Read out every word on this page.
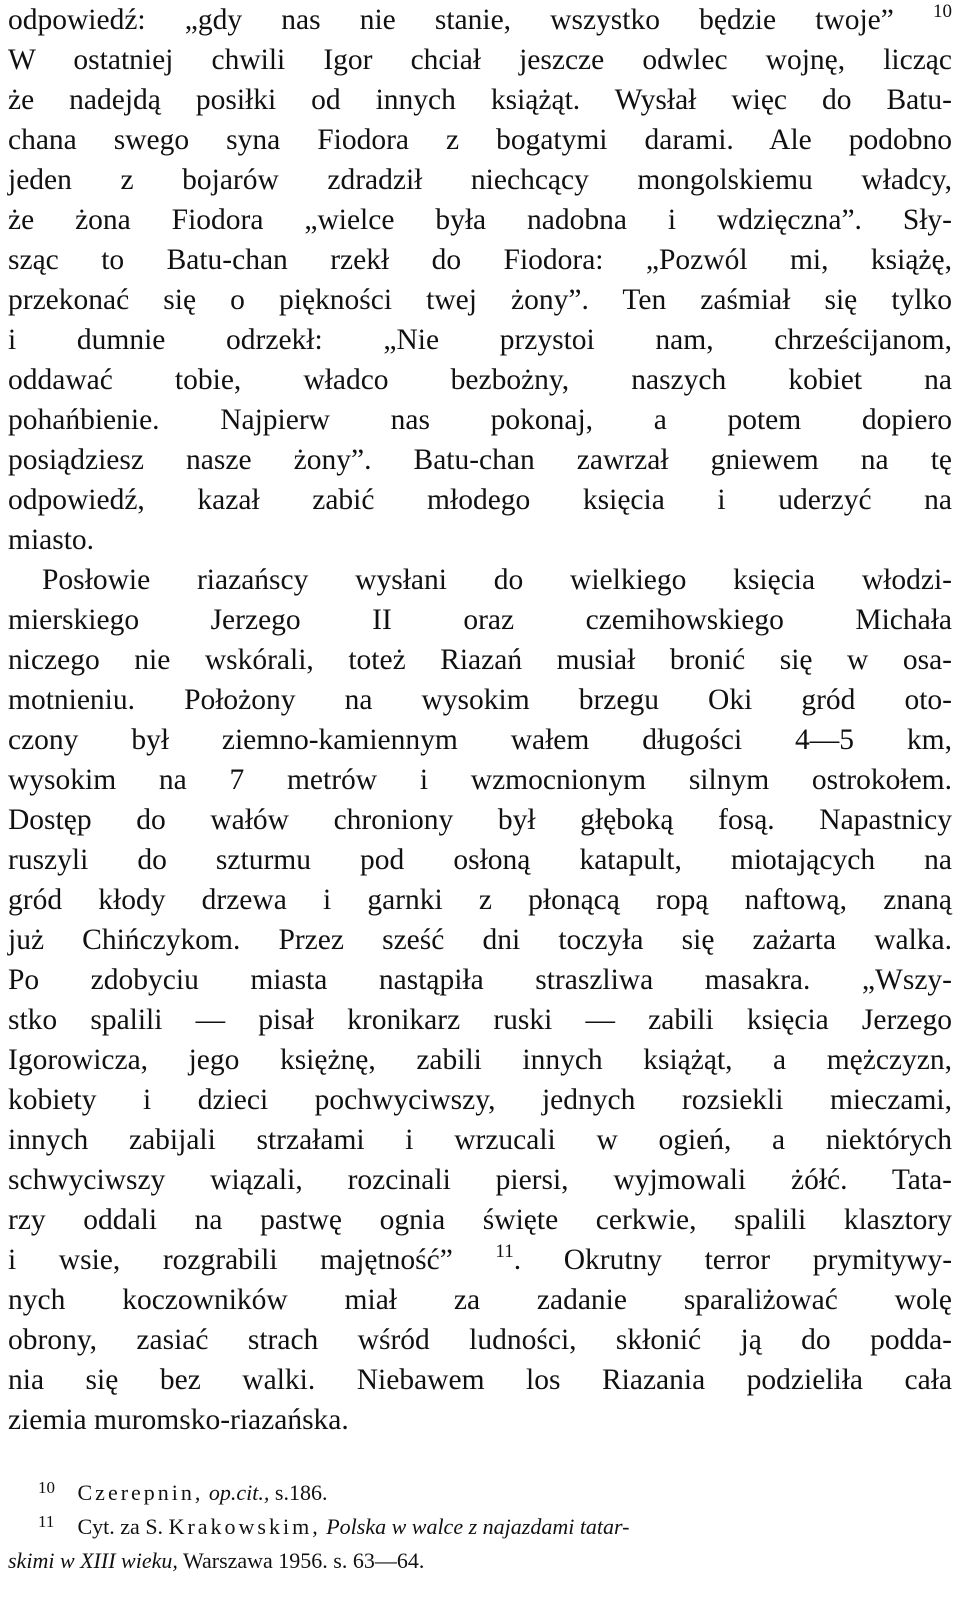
odpowiedź: „gdy nas nie stanie, wszystko będzie twoje” $^{10}$
W ostatniej chwili Igor chciał jeszcze odwlec wojnę, licząc
że nadejdą posiłki od innych książąt. Wysłał więc do Batu-
chana swego syna Fiodora z bogatymi darami. Ale podobno
jeden z bojarów zdradził niechcący mongolskiemu władcy,
że żona Fiodora „wielce była nadobna i wdzięczna”. Sły-
sząc to Batu-chan rzekł do Fiodora: „Pozwól mi, książę,
przekonać się o piękności twej żony”. Ten zaśmiał się tylko
i dumnie odrzekł: „Nie przystoi nam, chrześcijanom,
oddawać tobie, władco bezbożny, naszych kobiet na
pohańbienie. Najpierw nas pokonaj, a potem dopiero
posiądziesz nasze żony”. Batu-chan zawrzał gniewem na tę
odpowiedź, kazał zabić młodego księcia i uderzyć na
miasto.
Posłowie riazańscy wysłani do wielkiego księcia włodzi-
mierskiego Jerzego II oraz czemihowskiego Michała
niczego nie wskórali, toteż Riazań musiał bronić się w osa-
motnieniu. Położony na wysokim brzegu Oki gród oto-
czony był ziemno-kamiennym wałem długości 4—5 km,
wysokim na 7 metrów i wzmocnionym silnym ostrokołem.
Dostęp do wałów chroniony był głęboką fosą. Napastnicy
ruszyli do szturmu pod osłoną katapult, miotających na
gród kłody drzewa i garnki z płonącą ropą naftową, znaną
już Chińczykom. Przez sześć dni toczyła się zażarta walka.
Po zdobyciu miasta nastąpiła straszliwa masakra. „Wszy-
stko spalili — pisał kronikarz ruski — zabili księcia Jerzego
Igorowicza, jego księżnę, zabili innych książąt, a mężczyzn,
kobiety i dzieci pochwyciwszy, jednych rozsiekli mieczami,
innych zabijali strzałami i wrzucali w ogień, a niektórych
schwyciwszy wiązali, rozcinali piersi, wyjmowali żółć. Tata-
rzy oddali na pastwę ognia święte cerkwie, spalili klasztory
i wsie, rozgrabili majętność” $^{11}$. Okrutny terror prymitywy-
nych koczowników miał za zadanie sparaliżować wolę
obrony, zasiać strach wśród ludności, skłonić ją do podda-
nia się bez walki. Niebawem los Riazania podzieliła cała
ziemia muromsko-riazańska.
10 Czerepnin, op.cit., s.186.
11 Cyt. za S. Krakowskim, Polska w walce z najazdami tatar-
skimi w XIII wieku, Warszawa 1956. s. 63—64.
